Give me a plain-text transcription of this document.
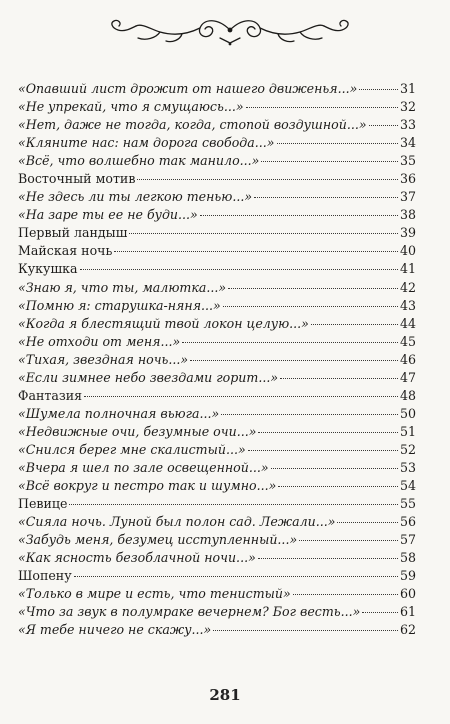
«Опавший лист дрожит от нашего движенья...»	31
«Не упрекай, что я смущаюсь...»	32
«Нет, даже не тогда, когда, стопой воздушной...»	33
«Кляните нас: нам дорога свобода...»	34
«Всё, что волшебно так манило...»	35
Восточный мотив	36
«Не здесь ли ты легкою тенью...»	37
«На заре ты ее не буди...»	38
Первый ландыш	39
Майская ночь	40
Кукушка	41
«Знаю я, что ты, малютка...»	42
«Помню я: старушка-няня...»	43
«Когда я блестящий твой локон целую...»	44
«Не отходи от меня...»	45
«Тихая, звездная ночь...»	46
«Если зимнее небо звездами горит...»	47
Фантазия	48
«Шумела полночная вьюга...»	50
«Недвижные очи, безумные очи...»	51
«Снился берег мне скалистый...»	52
«Вчера я шел по зале освещенной...»	53
«Всё вокруг и пестро так и шумно...»	54
Певице	55
«Сияла ночь. Луной был полон сад. Лежали...»	56
«Забудь меня, безумец исступленный...»	57
«Как ясность безоблачной ночи...»	58
Шопену	59
«Только в мире и есть, что тенистый»	60
«Что за звук в полумраке вечернем? Бог весть...»	61
«Я тебе ничего не скажу...»	62
281
